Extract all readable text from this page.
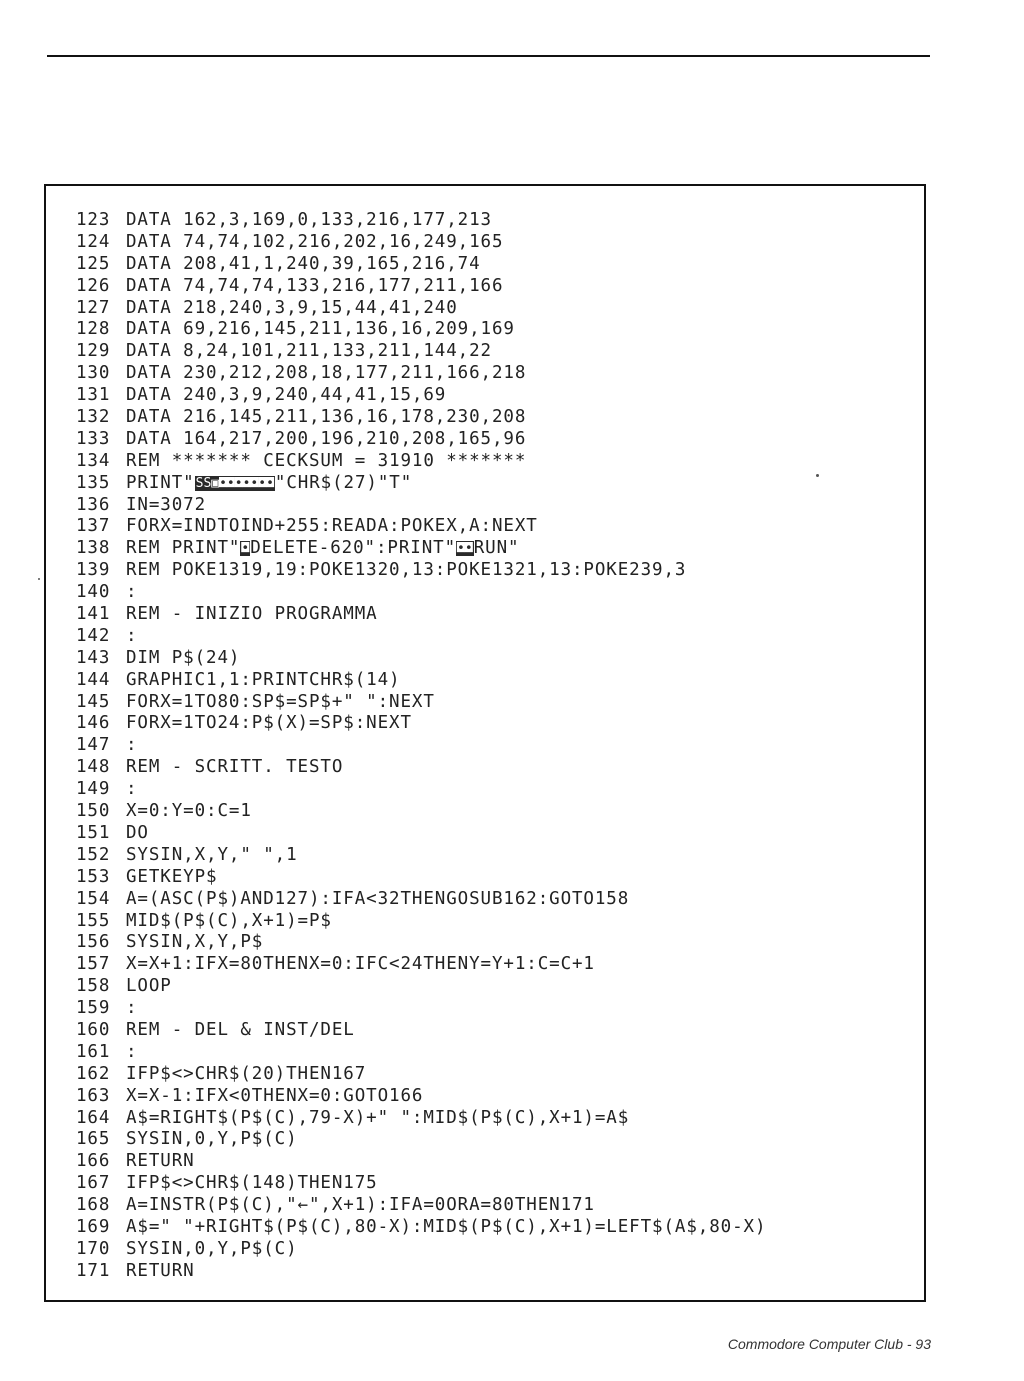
123 DATA 162,3,169,0,133,216,177,213
124 DATA 74,74,102,216,202,16,249,165
125 DATA 208,41,1,240,39,165,216,74
126 DATA 74,74,74,133,216,177,211,166
127 DATA 218,240,3,9,15,44,41,240
128 DATA 69,216,145,211,136,16,209,169
129 DATA 8,24,101,211,133,211,144,22
130 DATA 230,212,208,18,177,211,166,218
131 DATA 240,3,9,240,44,41,15,69
132 DATA 216,145,211,136,16,178,230,208
133 DATA 164,217,200,196,210,208,165,96
134 REM ******* CECKSUM = 31910 *******
135 PRINT"SS▣◘◘◘◘◘◘◘"CHR$(27)"T"
136 IN=3072
137 FORX=INDTOIND+255:READA:POKEX,A:NEXT
138 REM PRINT"◘DELETE-620":PRINT"◘◘RUN"
139 REM POKE1319,19:POKE1320,13:POKE1321,13:POKE239,3
140 :
141 REM - INIZIO PROGRAMMA
142 :
143 DIM P$(24)
144 GRAPHIC1,1:PRINTCHR$(14)
145 FORX=1TO80:SP$=SP$+" ":NEXT
146 FORX=1TO24:P$(X)=SP$:NEXT
147 :
148 REM - SCRITT. TESTO
149 :
150 X=0:Y=0:C=1
151 DO
152 SYSIN,X,Y," ",1
153 GETKEYP$
154 A=(ASC(P$)AND127):IFA<32THENGOSUB162:GOTO158
155 MID$(P$(C),X+1)=P$
156 SYSIN,X,Y,P$
157 X=X+1:IFX=80THENX=0:IFC<24THENY=Y+1:C=C+1
158 LOOP
159 :
160 REM - DEL & INST/DEL
161 :
162 IFP$<>CHR$(20)THEN167
163 X=X-1:IFX<0THENX=0:GOTO166
164 A$=RIGHT$(P$(C),79-X)+" ":MID$(P$(C),X+1)=A$
165 SYSIN,0,Y,P$(C)
166 RETURN
167 IFP$<>CHR$(148)THEN175
168 A=INSTR(P$(C),"←",X+1):IFA=0ORA=80THEN171
169 A$=" "+RIGHT$(P$(C),80-X):MID$(P$(C),X+1)=LEFT$(A$,80-X)
170 SYSIN,0,Y,P$(C)
171 RETURN
Commodore Computer Club - 93
